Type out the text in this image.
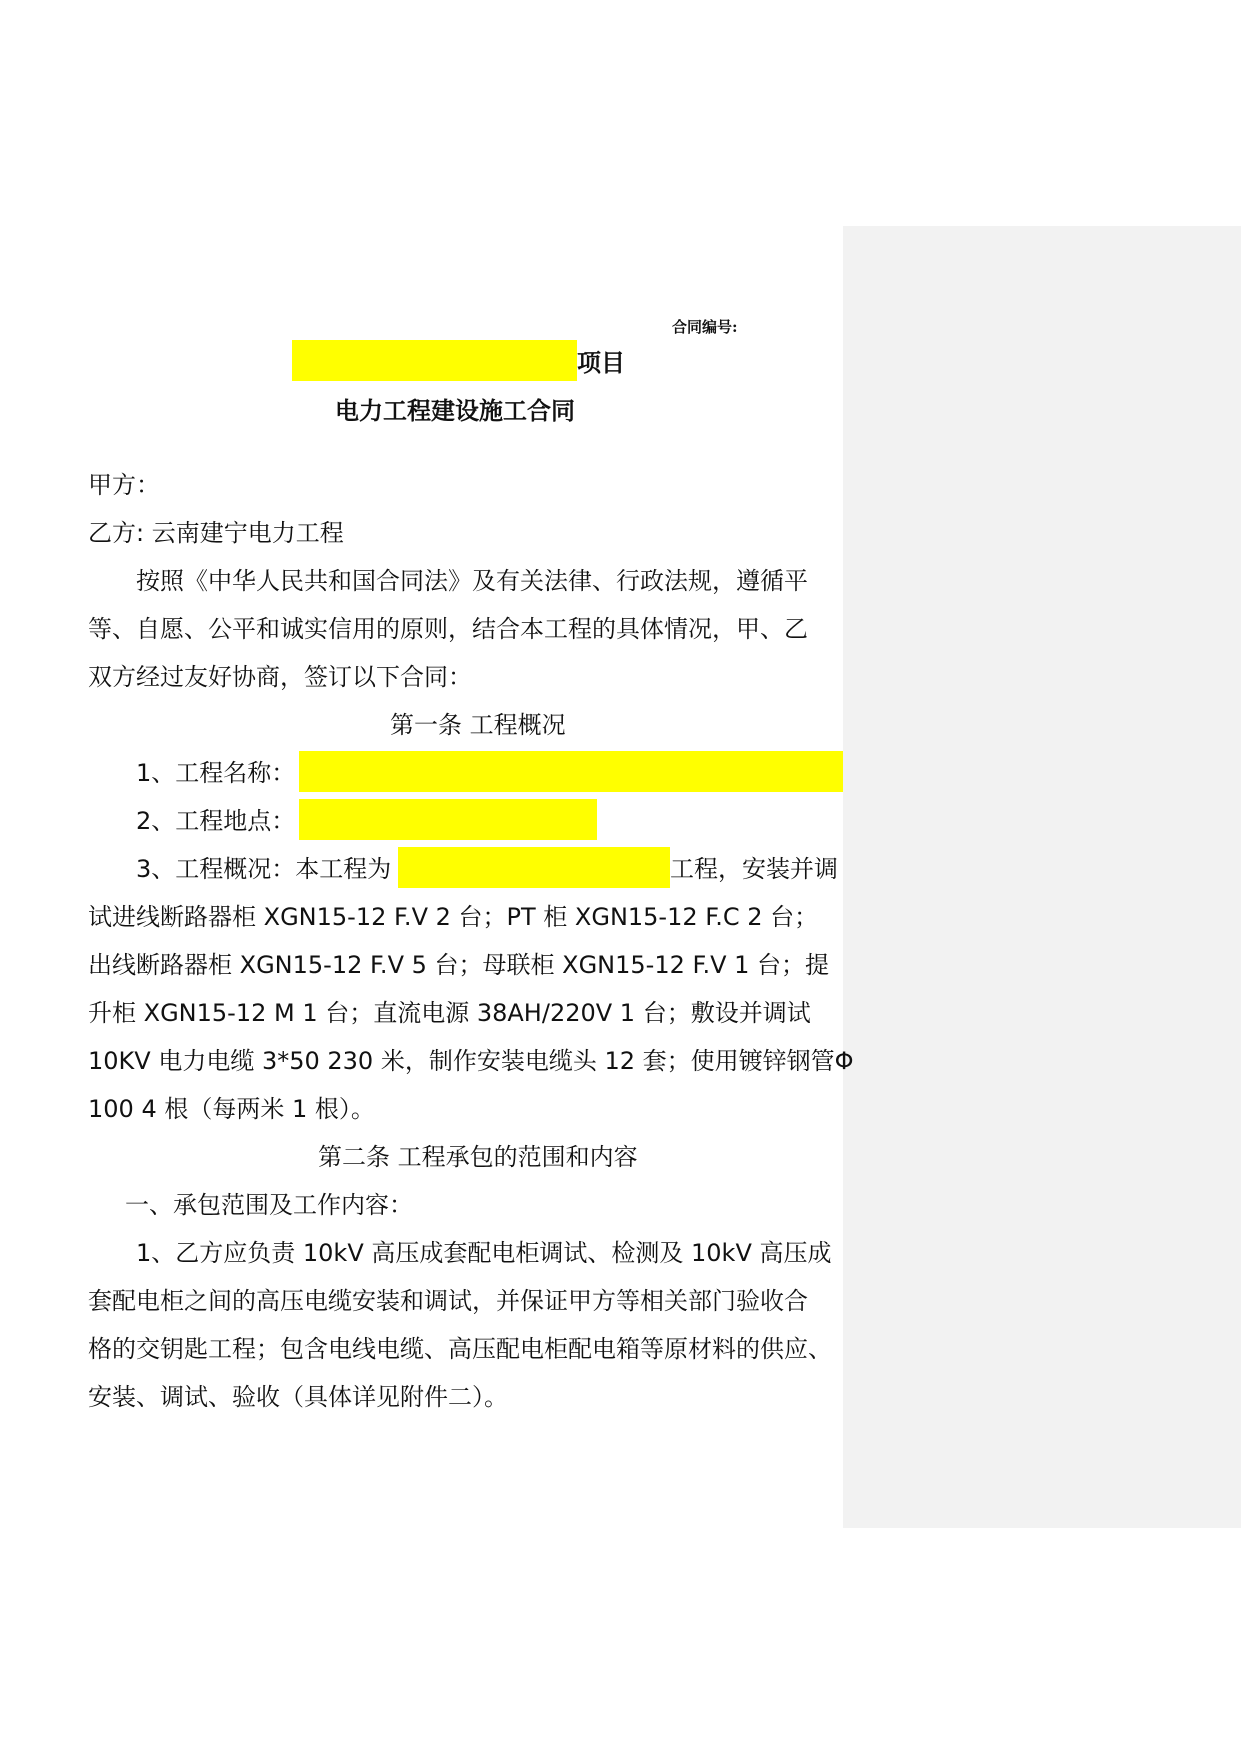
合同编号:
项目
电力工程建设施工合同
甲方：
乙方: 云南建宁电力工程
按照《中华人民共和国合同法》及有关法律、行政法规，遵循平
等、自愿、公平和诚实信用的原则，结合本工程的具体情况，甲、乙
双方经过友好协商，签订以下合同：
第一条 工程概况
1、工程名称：
2、工程地点：
3、工程概况：本工程为	工程，安装并调
试进线断路器柜 XGN15-12 F.V 2 台；PT 柜 XGN15-12 F.C 2 台；
出线断路器柜 XGN15-12 F.V 5 台；母联柜 XGN15-12 F.V 1 台；提
升柜 XGN15-12 M 1 台；直流电源 38AH/220V 1 台；敷设并调试
10KV 电力电缆 3*50 230 米，制作安装电缆头 12 套；使用镀锌钢管Φ
100 4 根（每两米 1 根）。
第二条 工程承包的范围和内容
一、承包范围及工作内容：
1、乙方应负责 10kV 高压成套配电柜调试、检测及 10kV 高压成
套配电柜之间的高压电缆安装和调试，并保证甲方等相关部门验收合
格的交钥匙工程；包含电线电缆、高压配电柜配电箱等原材料的供应、
安装、调试、验收（具体详见附件二）。
